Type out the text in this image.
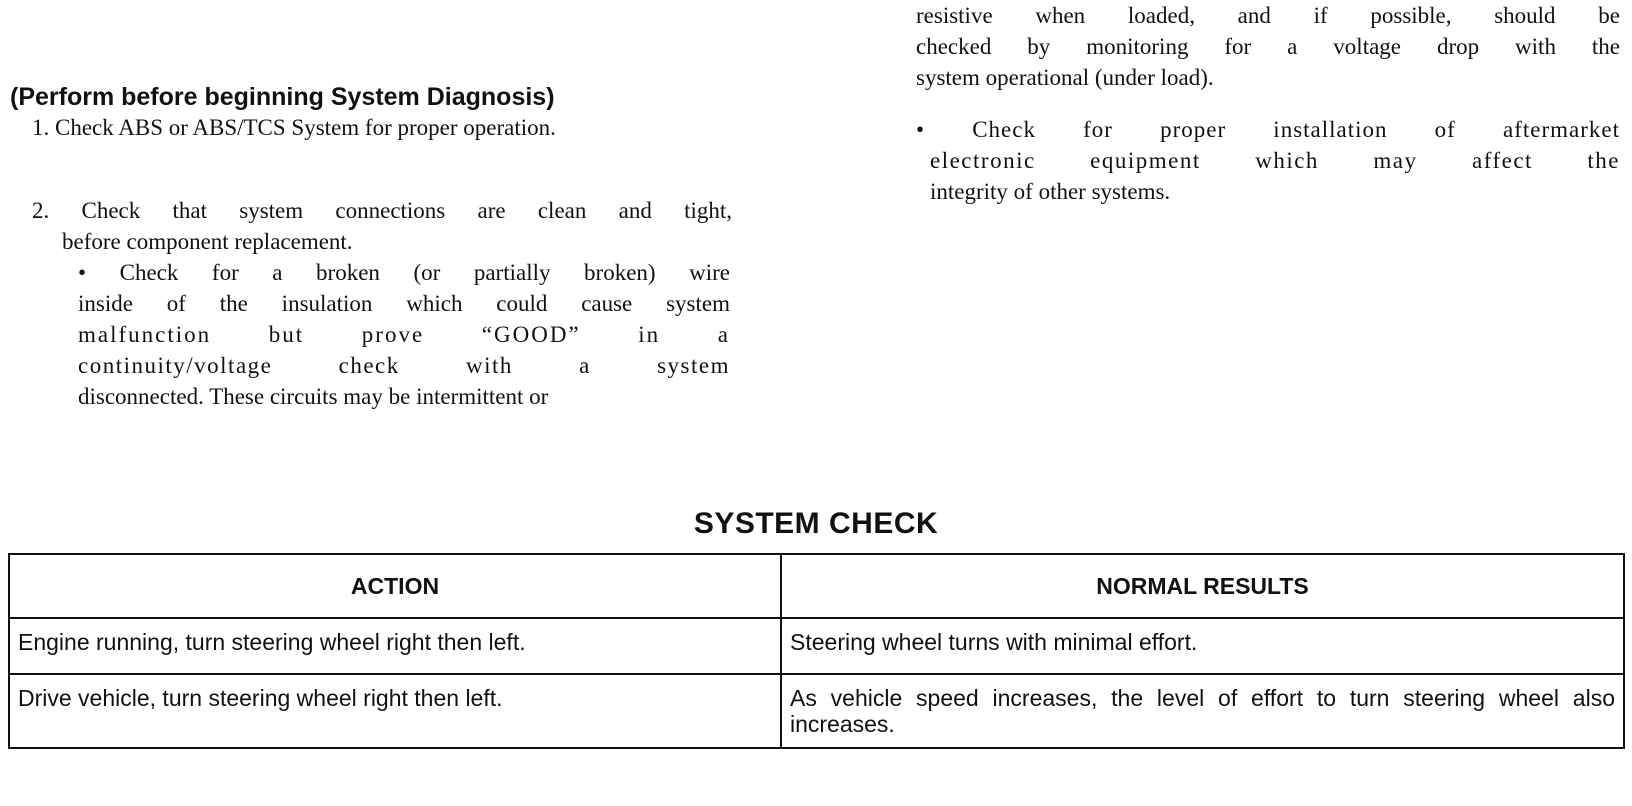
(Perform before beginning System Diagnosis)
1. Check ABS or ABS/TCS System for proper operation.
2. Check that system connections are clean and tight,
before component replacement.
• Check for a broken (or partially broken) wire
inside of the insulation which could cause system
malfunction but prove “GOOD” in a
continuity/voltage check with a system
disconnected. These circuits may be intermittent or
resistive when loaded, and if possible, should be
checked by monitoring for a voltage drop with the
system operational (under load).
• Check for proper installation of aftermarket
electronic equipment which may affect the
integrity of other systems.
SYSTEM CHECK
ACTION	NORMAL RESULTS
Engine running, turn steering wheel right then left.	Steering wheel turns with minimal effort.
Drive vehicle, turn steering wheel right then left.	As vehicle speed increases, the level of effort to turn steering wheel also increases.
